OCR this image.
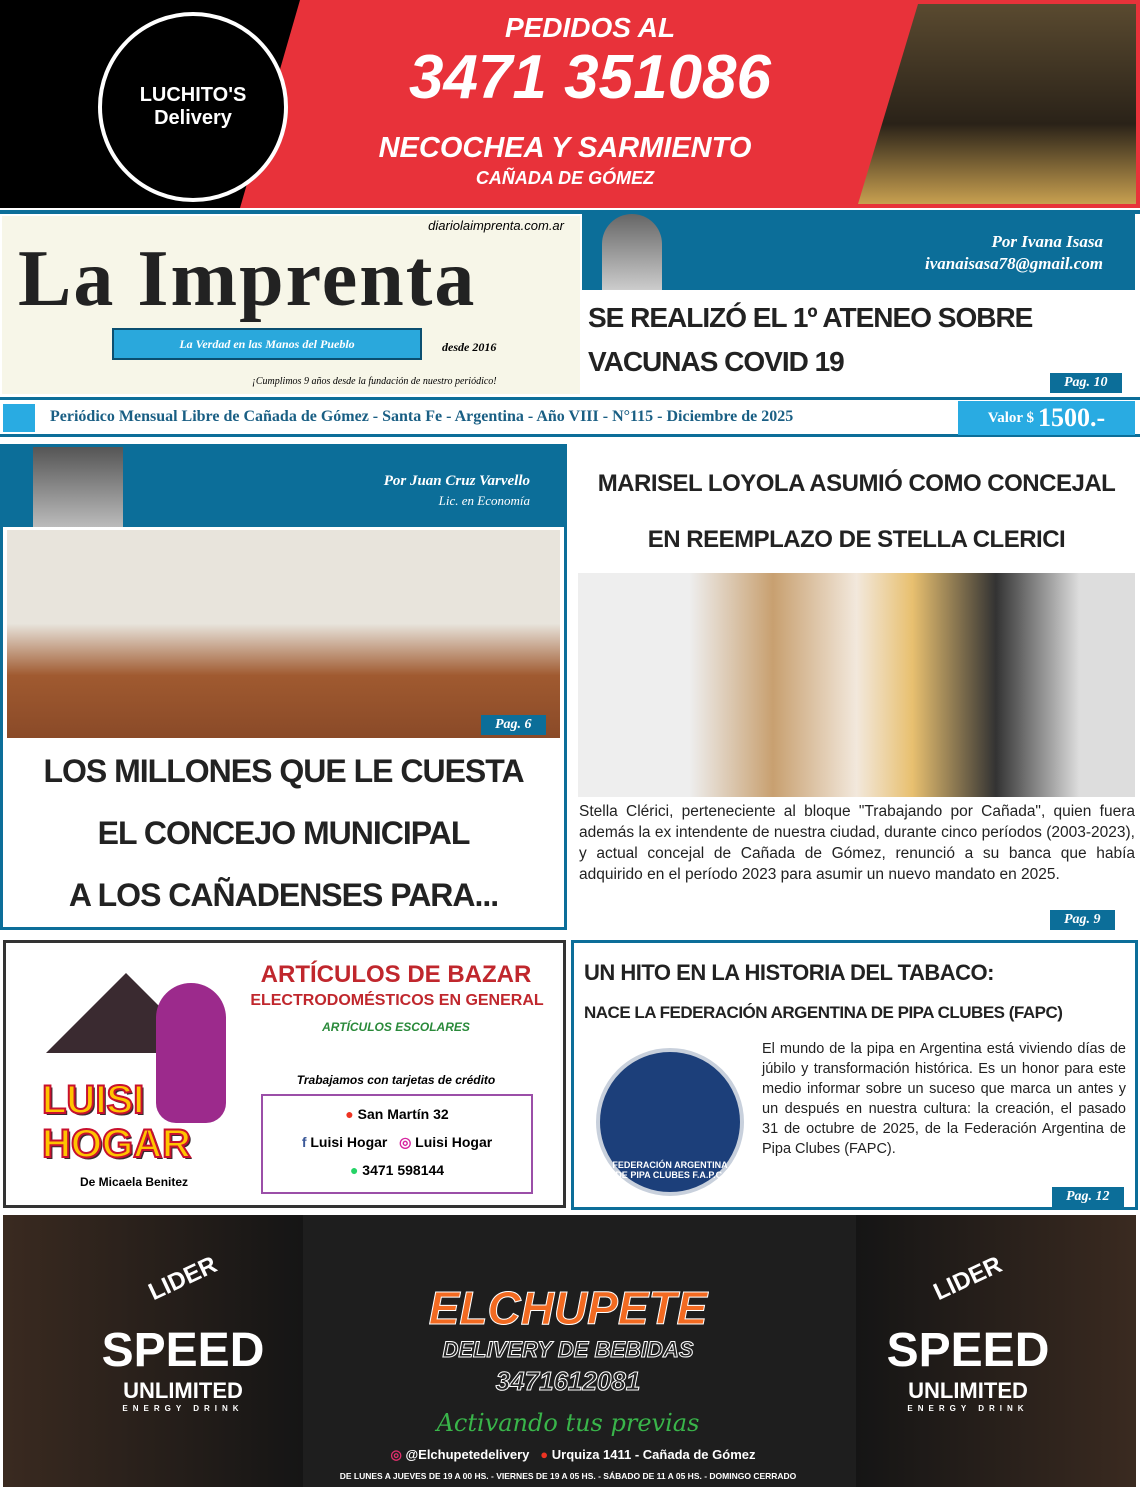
LUCHITO'S Delivery
PEDIDOS AL
3471 351086
NECOCHEA Y SARMIENTO
CAÑADA DE GÓMEZ
diariolaimprenta.com.ar
La Imprenta
La Verdad en las Manos del Pueblo	desde 2016
¡Cumplimos 9 años desde la fundación de nuestro periódico!
Por Ivana Isasa
ivanaisasa78@gmail.com
SE REALIZÓ EL 1º ATENEO SOBRE
VACUNAS COVID 19
Pag. 10
Periódico Mensual Libre de Cañada de Gómez - Santa Fe - Argentina - Año VIII - N°115 - Diciembre de 2025	Valor $ 1500.-
Por Juan Cruz Varvello
Lic. en Economía
Pag. 6
LOS MILLONES QUE LE CUESTA
EL CONCEJO MUNICIPAL
A LOS CAÑADENSES PARA...
MARISEL LOYOLA ASUMIÓ COMO CONCEJAL
EN REEMPLAZO DE STELLA CLERICI
Stella Clérici, perteneciente al bloque "Trabajando por Cañada", quien fuera además la ex intendente de nuestra ciudad, durante cinco períodos (2003-2023), y actual concejal de Cañada de Gómez, renunció a su banca que había adquirido en el período 2023 para asumir un nuevo mandato en 2025.
Pag. 9
LUISI
HOGAR
De Micaela Benitez
ARTÍCULOS DE BAZAR
ELECTRODOMÉSTICOS EN GENERAL
ARTÍCULOS ESCOLARES
Trabajamos con tarjetas de crédito
● San Martín 32
f Luisi Hogar ◎ Luisi Hogar
● 3471 598144
UN HITO EN LA HISTORIA DEL TABACO:
NACE LA FEDERACIÓN ARGENTINA DE PIPA CLUBES (FAPC)
FEDERACIÓN ARGENTINA DE PIPA CLUBES F.A.P.C.
El mundo de la pipa en Argentina está viviendo días de júbilo y transformación histórica. Es un honor para este medio informar sobre un suceso que marca un antes y un después en nuestra cultura: la creación, el pasado 31 de octubre de 2025, de la Federación Argentina de Pipa Clubes (FAPC).
Pag. 12
LIDER
SPEED
UNLIMITED
ENERGY DRINK
LIDER
SPEED
UNLIMITED
ENERGY DRINK
ELCHUPETE
DELIVERY DE BEBIDAS
3471612081
Activando tus previas
◎ @Elchupetedelivery ● Urquiza 1411 - Cañada de Gómez
DE LUNES A JUEVES DE 19 A 00 HS. - VIERNES DE 19 A 05 HS. - SÁBADO DE 11 A 05 HS. - DOMINGO CERRADO
